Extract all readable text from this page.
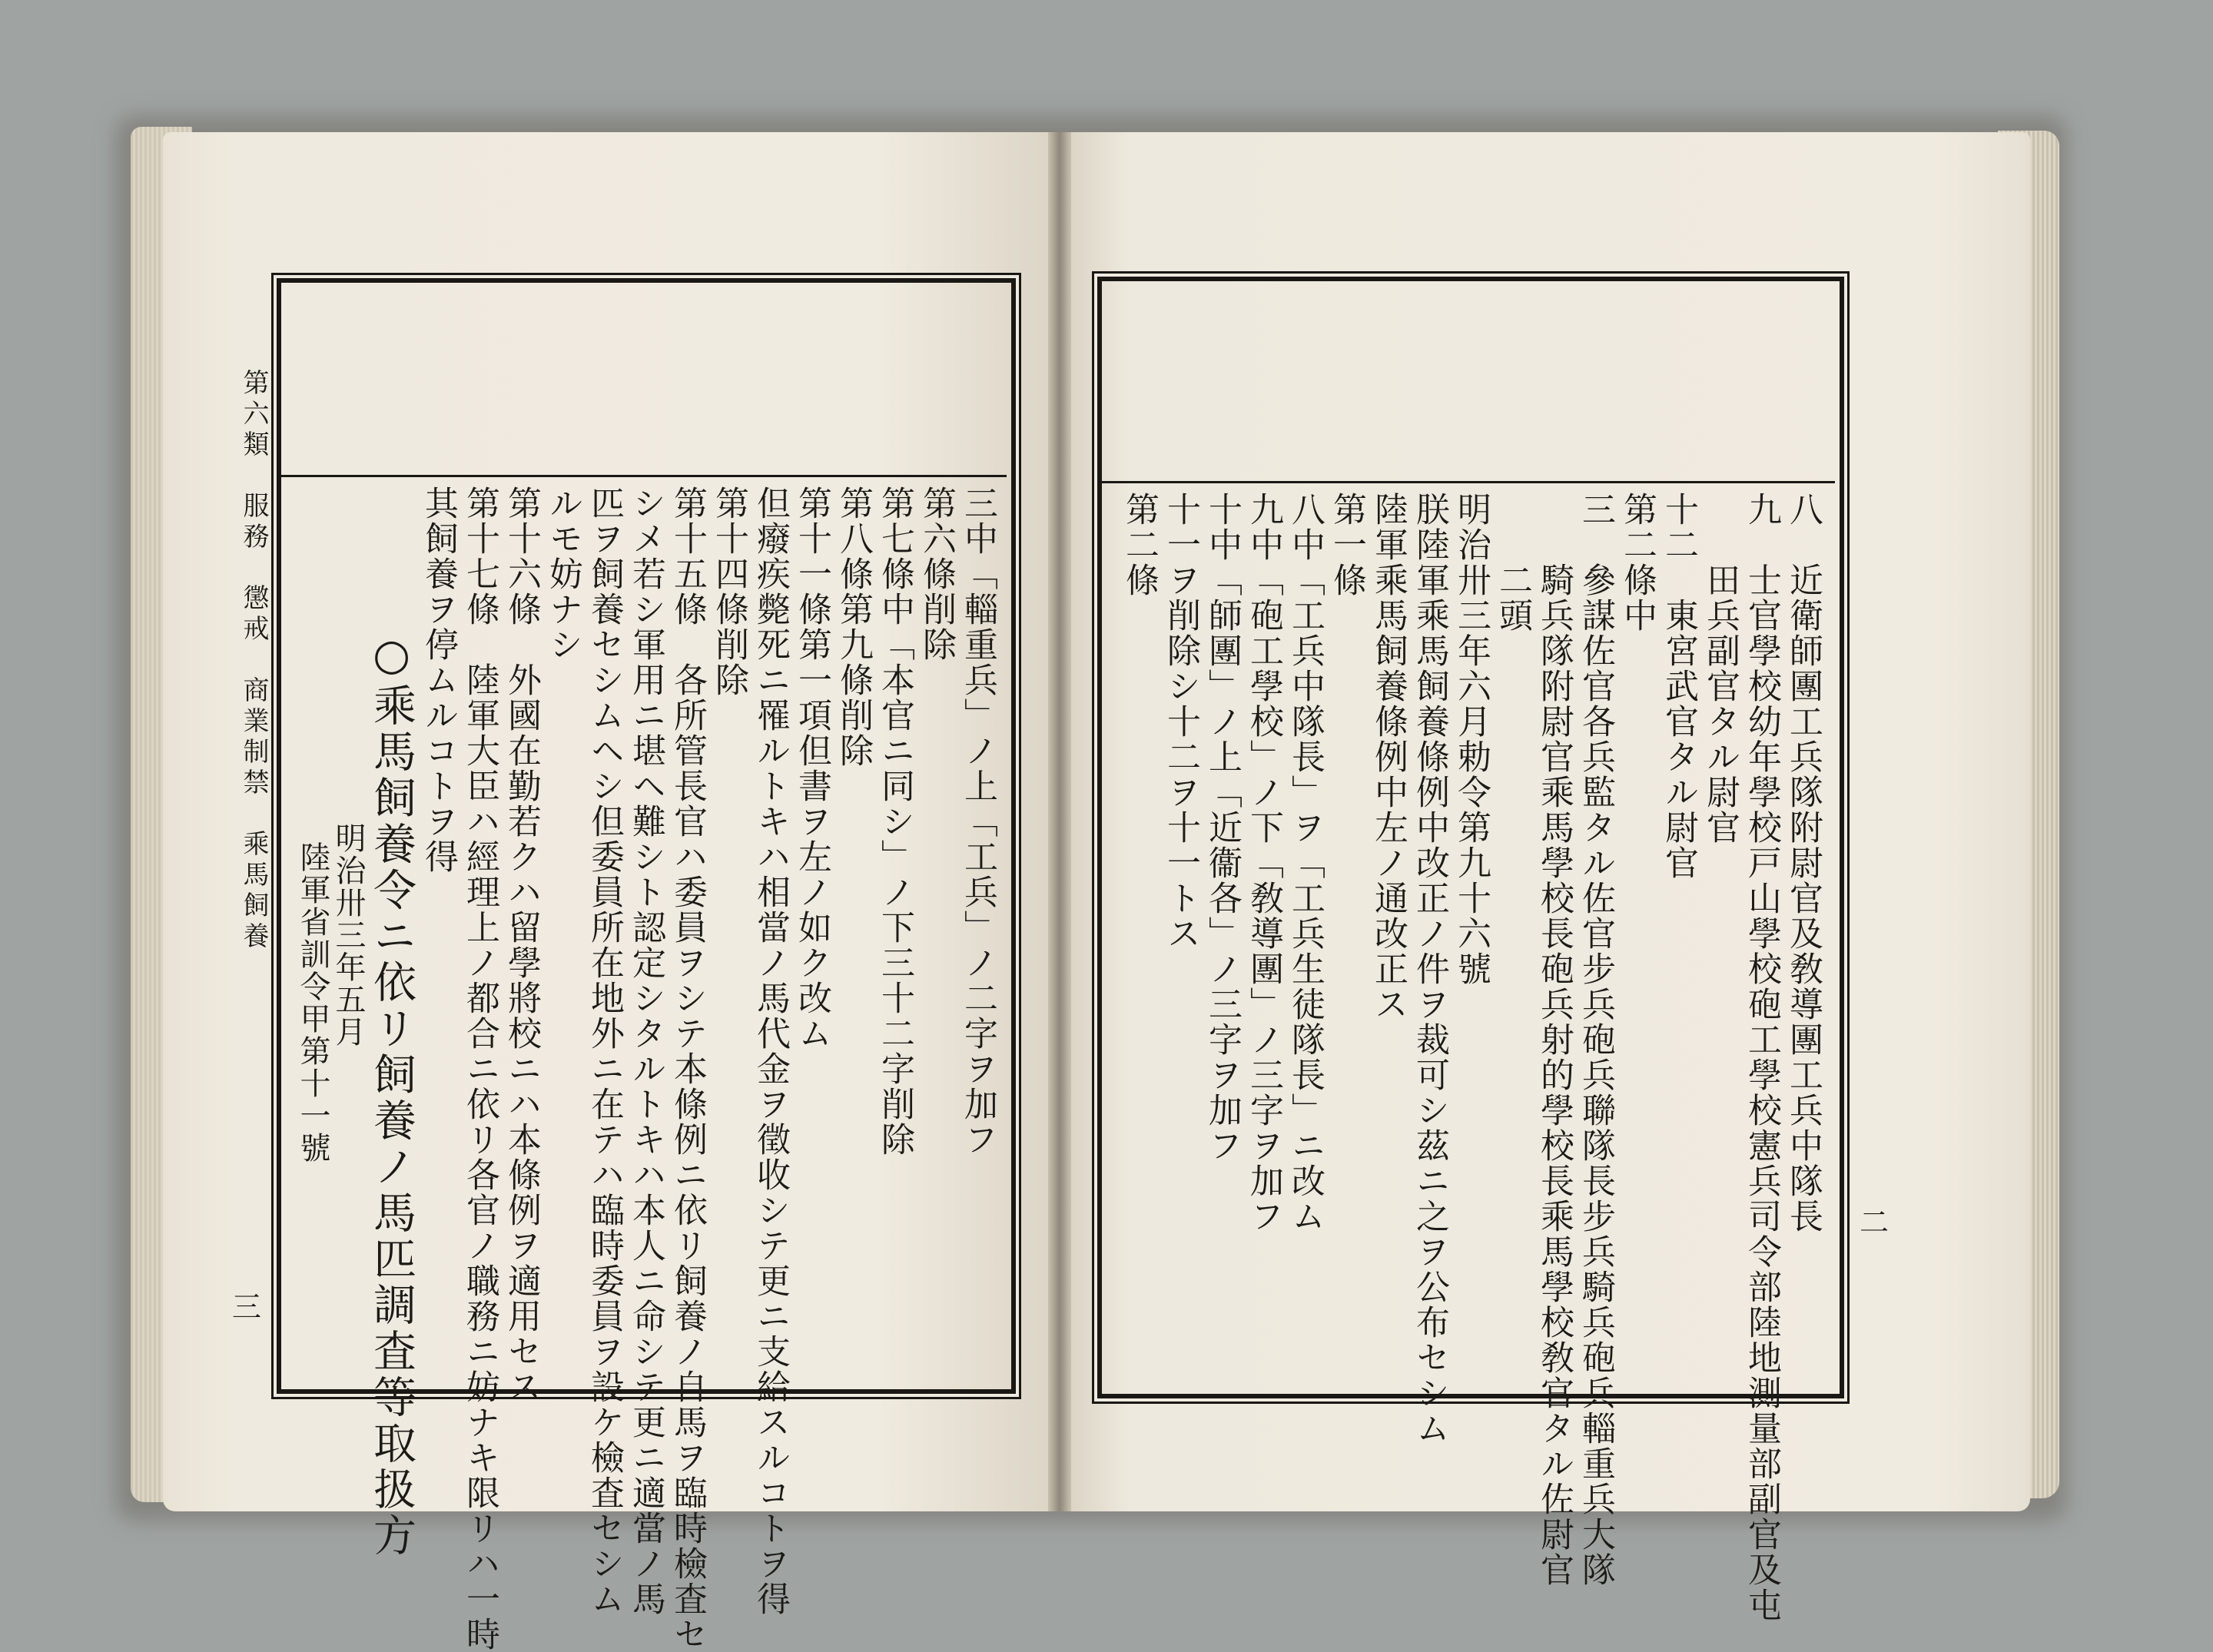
第六類　服務　懲戒　商業制禁　乘馬飼養
三
三中「輜重兵」ノ上「工兵」ノ二字ヲ加フ
第六條削除
第七條中「本官ニ同シ」ノ下三十二字削除
第八條第九條削除
第十一條第一項但書ヲ左ノ如ク改ム
但癈疾斃死ニ罹ルトキハ相當ノ馬代金ヲ徵收シテ更ニ支給スルコトヲ得
第十四條削除
第十五條　各所管長官ハ委員ヲシテ本條例ニ依リ飼養ノ自馬ヲ臨時檢査セ
シメ若シ軍用ニ堪ヘ難シト認定シタルトキハ本人ニ命シテ更ニ適當ノ馬
匹ヲ飼養セシムヘシ但委員所在地外ニ在テハ臨時委員ヲ設ケ檢査セシム
ルモ妨ナシ
第十六條　外國在勤若クハ留學將校ニハ本條例ヲ適用セス
第十七條　陸軍大臣ハ經理上ノ都合ニ依リ各官ノ職務ニ妨ナキ限リハ一時
其飼養ヲ停ムルコトヲ得
○乘馬飼養令ニ依リ飼養ノ馬匹調査等取扱方
明治卅三年五月
陸軍省訓令甲第十一號
二
八　近衛師團工兵隊附尉官及敎導團工兵中隊長
九　士官學校幼年學校戸山學校砲工學校憲兵司令部陸地測量部副官及屯
　　田兵副官タル尉官
十二　東宮武官タル尉官
第二條中
三　參謀佐官各兵監タル佐官步兵砲兵聯隊長步兵騎兵砲兵輜重兵大隊
　　騎兵隊附尉官乘馬學校長砲兵射的學校長乘馬學校敎官タル佐尉官
　　二頭
明治卅三年六月勅令第九十六號
朕陸軍乘馬飼養條例中改正ノ件ヲ裁可シ茲ニ之ヲ公布セシム
陸軍乘馬飼養條例中左ノ通改正ス
第一條
八中「工兵中隊長」ヲ「工兵生徒隊長」ニ改ム
九中「砲工學校」ノ下「敎導團」ノ三字ヲ加フ
十中「師團」ノ上「近衞各」ノ三字ヲ加フ
十一ヲ削除シ十二ヲ十一トス
第二條
